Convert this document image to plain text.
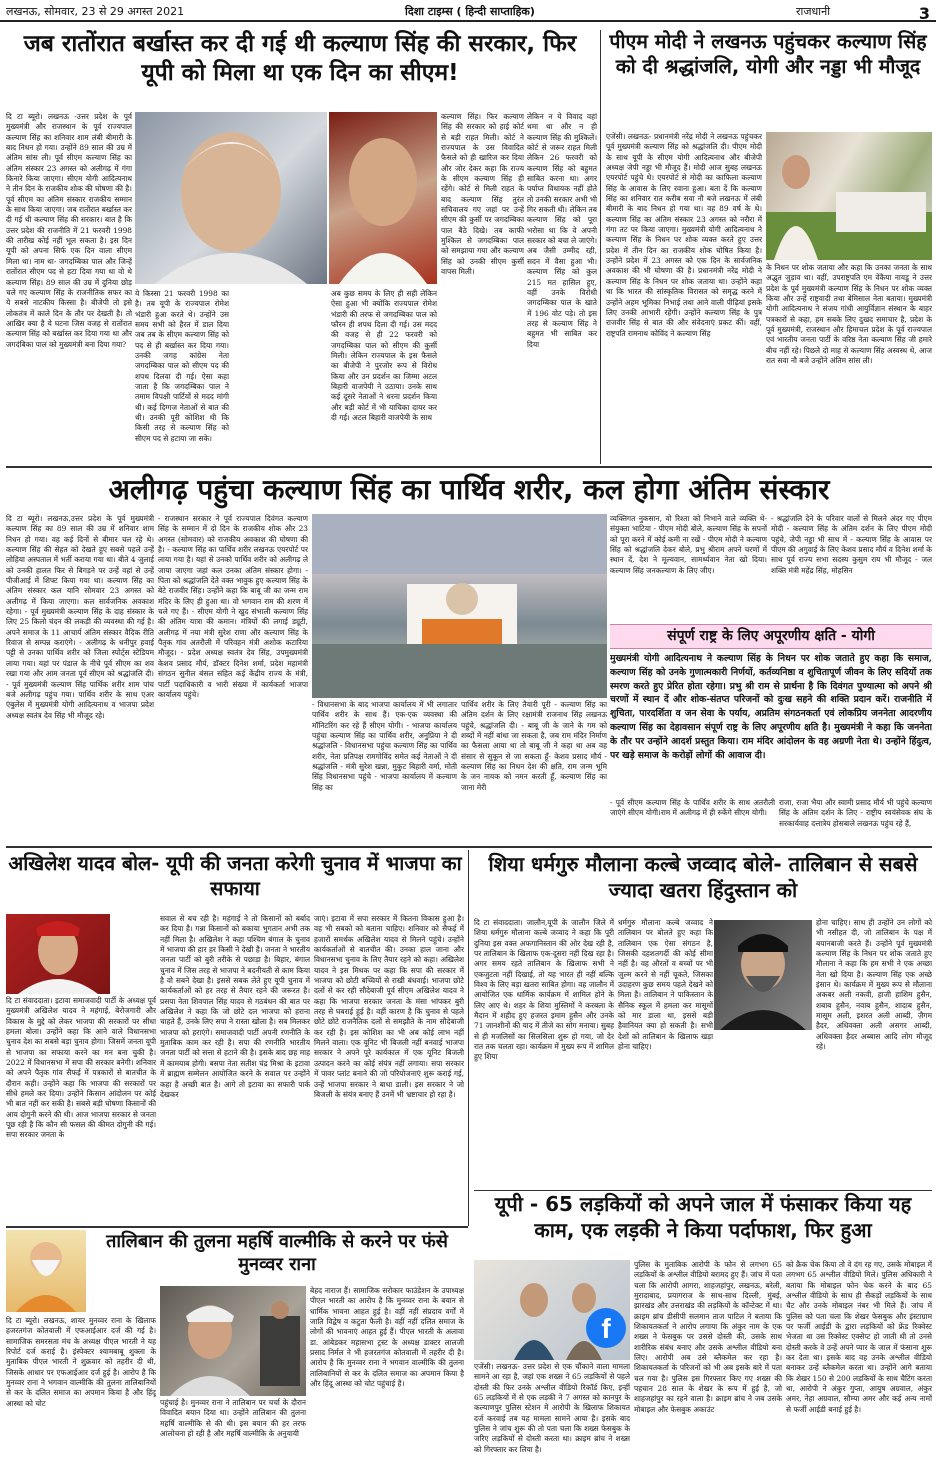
लखनऊ, सोमवार, 23 से 29 अगस्त 2021	दिशा टाइम्स ( हिन्दी साप्ताहिक)	राजधानी	3
जब रातोंरात बर्खास्त कर दी गई थी कल्याण सिंह की सरकार, फिर यूपी को मिला था एक दिन का सीएम!
दि टा ब्यूरो। लखनऊ -उत्तर प्रदेश के पूर्व मुख्यमंत्री और राजस्थान के पूर्व राज्यपाल कल्याण सिंह का शनिवार शाम लंबी बीमारी के बाद निधन हो गया। उन्होंने 89 साल की उम्र में अंतिम सांस ली। पूर्व सीएम कल्याण सिंह का अंतिम संस्कार 23 अगस्त को अलीगढ़ में गंगा किनारे किया जाएगा। सीएम योगी आदित्यनाथ ने तीन दिन के राजकीय शोक की घोषणा की है। पूर्व सीएम का अंतिम संस्कार राजकीय सम्मान के साथ किया जाएगा। जब रातोंरात बर्खास्त कर दी गई थी कल्याण सिंह की सरकार। बात है कि उत्तर प्रदेश की राजनीति में 21 फरवरी 1998 की तारीख कोई नहीं भूल सकता है। इस दिन यूपी को अपना सिर्फ एक दिन वाला सीएम मिला था। नाम था- जगदम्बिका पाल और जिन्हें रातोंरात सीएम पद से हटा दिया गया था वो थे कल्याण सिंह। 89 साल की उम्र में दुनिया छोड़ चले गए कल्याण सिंह के राजनीतिक सफर का ये सबसे नाटकीय किस्सा है। बीजेपी तो इसे लोकतंत्र में काले दिन के तौर पर देखती है। तो आखिर क्या है ये घटना जिस वजह से रातोंरात कल्याण सिंह को बर्खास्त कर दिया गया था और जगदंबिका पाल को मुख्यमंत्री बना दिया गया?
ये किस्सा 21 फरवरी 1998 का है। तब यूपी के राज्यपाल रोमेश भंडारी हुआ करते थे। उन्होंने उस समय सभी को हैरत में डाल दिया जब तब के सीएम कल्याण सिंह को पद से ही बर्खास्त कर दिया गया। उनकी जगह कांग्रेस नेता जगदम्बिका पाल को सीएम पद की शपथ दिलवा दी गई। ऐसा कहा जाता है कि जगदम्बिका पाल ने तमाम विपक्षी पार्टियों से मदद मांगी थी। कई दिग्गज नेताओं से बात की थी। उनकी पूरी कोशिश थी कि किसी तरह से कल्याण सिंह को सीएम पद से हटाया जा सके।
अब कुछ समय के लिए ही सही लेकिन ऐसा हुआ भी क्योंकि राज्यपाल रोमेश भंडारी की तरफ से जगदम्बिका पाल को फौरन ही शपथ दिला दी गई। उस मदद की वजह से ही 22 फरवरी को जगदम्बिका पाल को सीएम की कुर्सी मिली। लेकिन राज्यपाल के इस फैसले का बीजेपी ने पुरजोर रूप से विरोध किया और उन प्रदर्शन का जिम्मा अटल बिहारी वाजपेयी ने उठाया। उनके साथ कई दूसरे नेताओं ने धरना प्रदर्शन किया और बड़ी कोर्ट में भी याचिका दायर कर दी गई। अटल बिहारी वाजपेयी के साथ
कल्याण सिंह। फिर कल्याण सिंह की सरकार को हाई कोर्ट से बड़ी राहत मिली। कोर्ट ने राज्यपाल के उस विवादित फैसले को ही खारिज कर दिया और जोर देकर कहा कि राज्य के सीएम कल्याण सिंह ही रहेंगे। कोर्ट से मिली राहत के बाद कल्याण सिंह तुरंत सचिवालय गए जहां पर उन्हें सीएम की कुर्सी पर जगदम्बिका पाल बैठे दिखे। तब काफी मुश्किल से जगदम्बिका पाल को समझाया गया और कल्याण सिंह को उनकी सीएम कुर्सी वापस मिली।
लेकिन न ये विवाद वहां थमा था और न ही कल्याण सिंह की मुश्किलें। कोर्ट से जरूर राहत मिली लेकिन 26 फरवरी को कल्याण सिंह को बहुमत साबित करना था। अगर पर्याप्त विधायक नहीं होते तो उनकी सरकार अभी भी गिर सकती थी। लेकिन तब कल्याण सिंह को पूरा भरोसा था कि वे अपनी सरकार को बचा ले जाएंगे। अब जैसी उम्मीद रही, सदन में वैसा हुआ भी। कल्याण सिंह को कुल 215 मत हासिल हुए, वहीं उनके विरोधी जगदम्बिका पाल के खाते में 196 वोट पड़े। तो इस तरह से कल्याण सिंह ने बहुमत भी साबित कर दिया
पीएम मोदी ने लखनऊ पहुंचकर कल्याण सिंह को दी श्रद्धांजलि, योगी और नड्डा भी मौजूद
एजेंसी। लखनऊ- प्रधानमंत्री नरेंद्र मोदी ने लखनऊ पहुंचकर पूर्व मुख्यमंत्री कल्याण सिंह को श्रद्धांजलि दी। पीएम मोदी के साथ यूपी के सीएम योगी आदित्यनाथ और बीजेपी अध्यक्ष जेपी नड्डा भी मौजूद हैं। मोदी आज सुबह लखनऊ एयरपोर्ट पहुंचे थे। एयरपोर्ट से मोदी का काफिला कल्याण सिंह के आवास के लिए रवाना हुआ। बता दें कि कल्याण सिंह का शनिवार रात करीब सवा नौ बजे लखनऊ में लंबी बीमारी के बाद निधन हो गया था। वह 89 वर्ष के थे। कल्याण सिंह का अंतिम संस्कार 23 अगस्त को नरौरा में गंगा तट पर किया जाएगा। मुख्यमंत्री योगी आदित्यनाथ ने कल्याण सिंह के निधन पर शोक व्यक्त करते हुए उत्तर प्रदेश में तीन दिन का राजकीय शोक घोषित किया है। उन्होंने प्रदेश में 23 अगस्त को एक दिन के सार्वजनिक अवकाश की भी घोषणा की है। प्रधानमंत्री नरेंद्र मोदी ने कल्याण सिंह के निधन पर शोक जताया था। उन्होंने कहा था कि भारत की सांस्कृतिक विरासत को समृद्ध करने में उन्होंने अहम भूमिका निभाई तथा आने वाली पीढ़ियां इसके लिए उनकी आभारी रहेंगी। उन्होंने कल्याण सिंह के पुत्र राजवीर सिंह से बात की और संवेदनाएं प्रकट कीं। वहीं, राष्ट्रपति रामनाथ कोविंद ने कल्याण सिंह
के निधन पर शोक जताया और कहा कि उनका जनता के साथ अद्भुत जुड़ाव था। वहीं, उपराष्ट्रपति एम वेंकैया नायडू ने उत्तर प्रदेश के पूर्व मुख्यमंत्री कल्याण सिंह के निधन पर शोक व्यक्त किया और उन्हें राष्ट्रवादी तथा बेमिसाल नेता बताया। मुख्यमंत्री योगी आदित्यनाथ ने संजय गांधी आयुर्विज्ञान संस्थान के बाहर पत्रकारों से कहा, हम सबके लिए दुखद समाचार है, प्रदेश के पूर्व मुख्यमंत्री, राजस्थान और हिमाचल प्रदेश के पूर्व राज्यपाल एवं भारतीय जनता पार्टी के वरिष्ठ नेता कल्याण सिंह जी हमारे बीच नहीं रहे। पिछले दो माह से कल्याण सिंह अस्वस्थ थे, आज रात सवा नौ बजे उन्होंने अंतिम सांस ली।
अलीगढ़ पहुंचा कल्याण सिंह का पार्थिव शरीर, कल होगा अंतिम संस्कार
दि टा ब्यूरो। लखनऊ,उत्तर प्रदेश के पूर्व मुख्यमंत्री कल्याण सिंह का 89 साल की उम्र में शनिवार शाम निधन हो गया। वह कई दिनों से बीमार चल रहे थे। कल्याण सिंह की सेहत को देखते हुए सबसे पहले उन्हें लोहिया अस्पताल में भर्ती कराया गया था। बीते 4 जुलाई को उनकी हालत फिर से बिगड़ने पर उन्हें वहां से उन्हें पीजीआई में शिफ्ट किया गया था। कल्याण सिंह का अंतिम संस्कार कल यानि सोमवार 23 अगस्त को अलीगढ़ में किया जाएगा। कल सार्वजनिक अवकाश रहेगा। - पूर्व मुख्यमंत्री कल्याण सिंह के दाह संस्कार के लिए 25 किलो चंदन की लकड़ी की व्यवस्था की गई है। अपने समाज के 11 आचार्य अंतिम संस्कार वैदिक रीति रिवाज से सम्पन्न कराएंगे। - अलीगढ़ के धनीपुर हवाई पट्टी से उनका पार्थिव शरीर को जिला स्पोर्ट्स स्टेडियम लाया गया। यहां पर पंडाल के नीचे पूर्व सीएम का शव रखा गया और आम जनता पूर्व सीएम को श्रद्धांजलि दी। - पूर्व मुख्यमंत्री कल्याण सिंह पार्थिक शरीर शाम पांच बजे अलीगढ़ पहुंच गया। पार्थिव शरीर के साथ एअर एंबुलेंस में मुख्यमंत्री योगी आदित्यनाथ व भाजपा प्रदेश अध्यक्ष स्वतंत्र देव सिंह भी मौजूद रहे।
- राजस्थान सरकार ने पूर्व राज्यपाल दिवंगत कल्याण सिंह के सम्मान में दो दिन के राजकीय शोक और 23 अगस्त (सोमवार) को राजकीय अवकाश की घोषणा की है। - कल्याण सिंह का पार्थिव शरीर लखनऊ एयरपोर्ट पर लाया गया है। यहां से उनको पार्थिव शरीर को अलीगढ़ ले जाया जाएगा जहां कल उनका अंतिम संस्कार होगा। - पिता को श्रद्धांजलि देते वक्त भावुक हुए कल्याण सिंह के बेटे राजवीर सिंह। उन्होंने कहा कि बाबू जी का जन्म राम मंदिर के लिए ही हुआ था। वो भगवान राम की शरण में चले गए हैं। - सीएम योगी ने खुद संभाली कल्याण सिंह की अंतिम यात्रा की कमान। मंत्रियों की लगाई ड्यूटी, अलीगढ़ में नया मंत्री सुरेश राणा और कल्याण सिंह के पैतृक गांव अतरौली में परिवहन मंत्री अशोक कटारिया मौजूद। - प्रदेश अध्यक्ष स्वतंत्र देव सिंह, उपमुख्यमंत्री केशव प्रसाद मौर्य, डॉक्टर दिनेश शर्मा, प्रदेश महामंत्री संगठन सुनील बंसल सहित कई केंद्रीय राज्य के मंत्री, पार्टी पदाधिकारी व भारी संख्या में कार्यकर्ता भाजपा कार्यालय पहुंचे।
- विधानसभा के बाद भाजपा कार्यालय में भी लगातार पार्थिव शरीर के साथ हैं। एक-एक व्यवस्था की मॉनिटरिंग कर रहे हैं सीएम योगी। - भाजपा कार्यालय पहुंचा कल्याण सिंह का पार्थिव शरीर, अनुप्रिया ने दी श्रद्धांजलि - विधानसभा पहुंचा कल्याण सिंह का पार्थिव शरीर, नेता प्रतिपक्ष रामगोविंद समेत कई नेताओं ने दी श्रद्धांजलि - मंत्री सुरेश खन्ना, मुकुट बिहारी वर्मा, मोती सिंह विधानसभा पहुंचे - भाजपा कार्यालय में कल्याण सिंह का
पार्थिव शरीर के लिए तैयारी पूरी - कल्याण सिंह का अंतिम दर्शन के लिए रक्षामंत्री राजनाथ सिंह लखनऊ पहुंचे, श्रद्धांजलि दी। - बाबू जी के जाने के गम को शब्दों में नहीं बांधा जा सकता है, जब राम मंदिर निर्माण का फैसला आया था तो बाबू जी ने कहा था अब वह संसार से सुकून से जा सकता हूँ- केशव प्रसाद मौर्य - कल्याण सिंह का निधन देश की क्षति, राम जन्म भूमि के जन नायक को नमन करती हूँ, कल्याण सिंह का जाना मेरी
व्यक्तिगत नुकसान, वो रिश्ता को निभाने वाले व्यक्ति थे- संयुक्ता भाटिया - पीएम मोदी बोले, कल्याण सिंह के सपनों को पूरा करने में कोई कमी ना रखें - पीएम मोदी ने कल्याण सिंह को श्रद्धांजलि देकर बोले, प्रभु श्रीराम अपने चरणों में स्थान दें, देश ने मूल्यवान, सामर्थ्यवान नेता खो दिया। कल्याण सिंह जनकल्याण के लिए जीए।
- श्रद्धांजलि देने के परिवार वालों से मिलने अंदर गए पीएम मोदी - कल्याण सिंह के अंतिम दर्शन के लिए पीएम मोदी पहुंचे, जेपी नड्डा भी साथ में - कल्याण सिंह के आवास पर पीएम की अगुवाई के लिए केशव प्रसाद मौर्य व दिनेश शर्मा के साथ पूर्व राज्य सभा सदस्य कुसुम राय भी मौजूद - जल शक्ति मंत्री महेंद्र सिंह, मोहसिन
संपूर्ण राष्ट्र के लिए अपूरणीय क्षति - योगी
मुख्यमंत्री योगी आदित्यनाथ ने कल्याण सिंह के निधन पर शोक जताते हुए कहा कि समाज, कल्याण सिंह को उनके गुणात्मकारी निर्णयों, कर्तव्यनिष्ठा व शुचितापूर्ण जीवन के लिए सदियों तक स्मरण करते हुए प्रेरित होता रहेगा। प्रभु श्री राम से प्रार्थना है कि दिवंगत पुण्यात्मा को अपने श्री चरणों में स्थान दें और शोक-संतप्त परिजनों को दुःख सहने की शक्ति प्रदान करें। राजनीति में शुचिता, पारदर्शिता व जन सेवा के पर्याय, अप्रतिम संगठनकर्ता एवं लोकप्रिय जननेता आदरणीय कल्याण सिंह का देहावसान संपूर्ण राष्ट्र के लिए अपूरणीय क्षति है। मुख्यमंत्री ने कहा कि जननेता के तौर पर उन्होंने आदर्श प्रस्तुत किया। राम मंदिर आंदोलन के वह अग्रणी नेता थे। उन्होंने हिंदुत्व, पर खड़े समाज के करोड़ों लोगों की आवाज दी।
- पूर्व सीएम कल्याण सिंह के पार्थिव शरीर के साथ अतरौली जाएंगे सीएम योगी।राम में अलीगढ़ में ही रुकेंगे सीएम योगी।
राजा, राजा भैया और स्वामी प्रसाद मौर्य भी पहुंचे कल्याण सिंह के अंतिम दर्शन के लिए - राष्ट्रीय स्वयंसेवक संघ के सरकार्यवाह दत्तात्रेय होसबाले लखनऊ पहुंच रहे हैं,
अखिलेश यादव बोल- यूपी की जनता करेगी चुनाव में भाजपा का सफाया
दि टा संवाददाता। इटावा समाजवादी पार्टी के अध्यक्ष पूर्व मुख्यमंत्री अखिलेश यादव ने महंगाई, बेरोजगारी और विकास के मुद्दे को लेकर भाजपा की सरकारों पर सीधा हमला बोला। उन्होंने कहा कि आने वाले विधानसभा चुनाव देश का सबसे बड़ा चुनाव होगा। जिसमें जनता यूपी से भाजपा का सफाया करने का मन बना चुकी है। 2022 में विधानसभा में सपा की सरकार बनेगी। शनिवार को अपने पैतृक गांव सैफई में पत्रकारों से बातचीत के दौरान कही। उन्होंने कहा कि भाजपा की सरकारों पर सीधे हमले कर दिया। उन्होंने किसान आंदोलन पर कोई भी बात नहीं कर सकी है। सबसे बड़ी घोषणा किसानों की आय दोगुनी करने की थी। आज भाजपा सरकार से जनता पूछ रही है कि कौन सी फसल की कीमत दोगुनी की गई। सपा सरकार जनता के
सवाल से बच रही है। महंगाई ने तो किसानों को बर्बाद कर दिया है। गन्ना किसानों को बकाया भुगतान अभी तक नहीं मिला है। अखिलेश ने कहा पश्चिम बंगाल के चुनाव में भाजपा की हार हर किसी ने देखी है। जनता ने भारतीय जनता पार्टी को बुरी तरीके से पछाड़ा है। बिहार, बंगाल चुनाव में जिस तरह से भाजपा ने बदनीयती से काम किया है वो सबने देखा है। इससे सबक लेते हुए यूपी चुनाव में कार्यकर्ताओं को हर तरह से तैयार रहने की जरूरत है। प्रसपा नेता शिवपाल सिंह यादव से गठबंधन की बात पर अखिलेश ने कहा कि जो छोटे दल भाजपा को हराना चाहते हैं, उनके लिए सपा ने रास्ता खोला है। सब मिलकर भाजपा को हराएंगे। समाजवादी पार्टी अपनी रणनीति के मुताबिक काम कर रही है। सपा की रणनीति भारतीय जनता पार्टी को सत्ता से हटाने की है। इसके बाद छह माह में कामयाब होगी। बसपा नेता सतीश चंद्र मिश्रा के इटावा में ब्राह्मण सम्मेलन आयोजित करने के सवाल पर उन्होंने कहा है अच्छी बात है। आगे तो इटावा का सफारी पार्क देखकर
जाएं। इटावा में सपा सरकार में कितना विकास हुआ है। वह भी सबको को बताना चाहिए। शनिवार को सैफई में हजारों समर्थक अखिलेश यादव से मिलने पहुंचे। उन्होंने कार्यकर्ताओं से बातचीत की। उनका हाल जाना और विधानसभा चुनाव के लिए तैयार रहने को कहा। अखिलेश यादव ने इस मिथक पर कहा कि सपा की सरकार में भाजपा को छोटी बच्चियों से राखी बंधवाई। भाजपा छोटे दलों से कर रही सौदेबाजी पूर्व सीएम अखिलेश यादव ने कहा कि भाजपा सरकार जनता के मंसा भांपकर बुरी तरह से घबराई हुई है। वहीं कारण है कि चुनाव से पहले छोटे छोटे राजनैतिक दलों से समझौते के नाम सौदेबाजी कर रही है। इस कोशिश का भी अब कोई लाभ नहीं मिलने वाला। एक यूनिट भी बिजली नहीं बनवाई भाजपा सरकार ने अपने पूरे कार्यकाल में एक यूनिट बिजली उत्पादन करने का कोई संयंत्र नहीं लगाया। सपा सरकार में पावर प्लांट बनाने की जो परियोजनाएं शुरू कराई गई, उन्हें भाजपा सरकार ने बाधा डाली। इस सरकार ने जो बिजली के संयंत्र बनाए हैं उनमें भी भ्रष्टाचार हो रहा है।
शिया धर्मगुरु मौलाना कल्बे जव्वाद बोले- तालिबान से सबसे ज्यादा खतरा हिंदुस्तान को
दि टा संवाददाता। जालौन,यूपी के जालौन जिले में शिया धर्मगुरु मौलाना कल्बे जव्वाद ने कहा कि पूरी दुनिया इस वक्त अफगानिस्तान की ओर देख रही है, पर तालिबान के खिलाफ एक-दूसरा नहीं दिख रहा है। अगर समय रहते तालिबान के खिलाफ सभी ने एकजुटता नहीं दिखाई, तो यह भारत ही नहीं बल्कि विश्व के लिए बड़ा खतरा साबित होगा। वह जालौन में आयोजित एक धार्मिक कार्यक्रम में शामिल होने के लिए आए थे। शहर के शिया मुस्लिमों ने करबला के मैदान में शहीद हुए हजरत इमाम हुसैन और उनके 71 जानशीनों की याद में तीजे का सोग मनाया। सुबह से ही मजलिसों का सिलसिला शुरू हो गया, जो देर रात तक चलता रहा। कार्यक्रम में मुख्य रूप में शामिल हुए शिया
धर्मगुरु मौलाना कल्बे जव्वाद ने तालिबान पर बोलते हुए कहा कि तालिबान एक ऐसा संगठन है, जिसकी दहशतगर्दी की कोई सीमा नहीं है। वह औरतों व बच्चों पर भी जुल्म करने से नहीं चूकते, जिसका उदाहरण कुछ समय पहले देखने को मिला है। तालिबान ने पाकिस्तान के सैनिक स्कूल में हमला कर मासूमों को मार डाला था, इससे बड़ी हैवानियत क्या हो सकती है। सभी देशों को तालिबान के खिलाफ खड़ा होना चाहिए।
होना चाहिए। साथ ही उन्होंने उन लोगों को भी नसीहत दी, जो तालिबान के पक्ष में बयानबाजी करते हैं। उन्होंने पूर्व मुख्यमंत्री कल्याण सिंह के निधन पर शोक जताते हुए मौलाना ने कहा कि हम सभी ने एक अच्छा नेता खो दिया है। कल्याण सिंह एक अच्छे इंसान थे। कार्यक्रम में मुख्य रूप से मौलाना अकबर अली नकवी, हाजी हाशिम हुसैन, शबाब हुसैन, नवाब हुसैन, शादाब हुसैन, मासूम अली, इशरत अली आब्दी, ज़ैगम हैदर, अधिवक्ता अली असगर आब्दी, अधिवक्ता हैदर अब्बास आदि लोग मौजूद रहे।
यूपी - 65 लड़कियों को अपने जाल में फंसाकर किया यह काम, एक लड़की ने किया पर्दाफाश, फिर हुआ
f
एजेंसी। लखनऊ- उत्तर प्रदेश से एक चौंकाने वाला मामला सामने आ रहा है, जहां एक शख्स ने 65 लड़कियों से पहले दोस्ती की फिर उनके अश्लील वीडियो रिकॉर्ड किए, इन्हीं 65 लड़कियों में से एक लड़की ने 7 अगस्त को कानपुर के कल्याणपुर पुलिस स्टेशन में आरोपी के खिलाफ शिकायत दर्ज करवाई तब यह मामला सामने आया है। इसके बाद पुलिस ने जांच शुरू की तो पता चला कि शख्स फेसबुक के जरिए लड़कियों से दोस्ती करता था। क्राइम ब्रांच ने शख्स को गिरफ्तार कर लिया है।
पुलिस के मुताबिक आरोपी के फोन से लगभग 65 लड़कियों के अश्लील वीडियो बरामद हुए हैं। जांच में पता चला कि आरोपी आगरा, शाहजहांपुर, लखनऊ, बरेली, मुरादाबाद, प्रयागराज के साथ-साथ दिल्ली, मुंबई, झारखंड और उत्तराखंड की लड़कियों के कॉन्टेक्ट में था। क्राइम ब्रांच डीसीपी सलमान ताज पाटिल ने बताया कि शिकायतकर्ता ने आरोप लगाया कि अंकुर नाम के एक शख्स ने फेसबुक पर उससे दोस्ती की, उसके साथ शारीरिक संबंध बनाए और उसके अश्लील वीडियो बना लिए। आरोपी अब उसे ब्लैकमेल कर रहा है। शिकायतकर्ता के परिजनों को भी अब इसके बारे में पता चल गया है। पुलिस इस गिरफ्तार किए गए शख्स की पहचान 28 साल के शेखर के रूप में हुई है, जो शाहजहांपुर का रहने वाला है। क्राइम ब्रांच ने जब उसके मोबाइल और फेसबुक अकाउंट
को क्रैक चेक किया तो वे दंग रह गए, उसके मोबाइल में लगभग 65 अश्लील वीडियो मिले। पुलिस अधिकारी ने बताया कि मोबाइल फोन चेक करने के बाद 65 अश्लील वीडियो के साथ ही सैकड़ों लड़कियों के साथ चैट और उनके मोबाइल नंबर भी मिले हैं। जांच में पुलिस को पता चला कि शेखर फेसबुक और इंस्टाग्राम पर फर्जी आईडी के द्वारा लड़कियों को फ्रेंड रिक्वेस्ट भेजता था उस रिक्वेस्ट एक्सेप्ट हो जाती थी तो उनसे दोस्ती करके वे उन्हें अपने प्यार के जाल में फंसाना शुरू कर देता था। इसके बाद वह उनके अश्लील वीडियो बनाकर उन्हें ब्लैकमेल करता था। उन्होंने आगे बताया कि शेखर 150 से 200 लड़कियों के साथ चैटिंग करता था, आरोपी ने अंकुर गुप्ता, आयुष अग्रवाल, अंकुर अमर, नेहा अग्रवाल, सौम्या अमर और कई अन्य नामों से फर्जी आईडी बनाई हुई है।
तालिबान की तुलना महर्षि वाल्मीकि से करने पर फंसे मुनव्वर राना
दि टा ब्यूरो। लखनऊ, शायर मुनव्वर राना के खिलाफ हजरतगंज कोतवाली में एफआईआर दर्ज की गई है। सामाजिक समरसता मंच के अध्यक्ष पीएल भारती ने यह रिपोर्ट दर्ज कराई है। इंस्पेक्टर श्यामबाबू शुक्ला के मुताबिक पीएल भारती ने शुक्रवार को तहरीर दी थी, जिसके आधार पर एफआईआर दर्ज हुई है। आरोप है कि मुनव्वर राना ने भगवान वाल्मीकि की तुलना तालिबानियों से कर के दलित समाज का अपमान किया है और हिंदू आस्था को चोट	पहुंचाई है। मुनव्वर राना ने तालिबान पर चर्चा के दौरान विवादित बयान दिया था। उन्होंने तालिबान की तुलना महर्षि वाल्मीकि से की थी। इस बयान की हर तरफ आलोचना हो रही है और महर्षि वाल्मीकि के अनुयायी
बेहद नाराज हैं। सामाजिक सरोकार फाउंडेशन के उपाध्यक्ष पीएल भारती का आरोप है कि मुनव्वर राना के बयान से धार्मिक भावना आहत हुई है। वहीं नहीं संप्रदाय वर्गों में जाति विद्वेष व कटुता फैली है। वहीं नहीं दलित समाज के लोगों की भावनाएं आहत हुई हैं। पीएल भारती के अलावा डा. आंबेडकर महासभा ट्रस्ट के अध्यक्ष डाक्टर लालजी प्रसाद निर्मल ने भी हजरतगंज कोतवाली में तहरीर दी है। आरोप है कि मुनव्वर राना ने भगवान वाल्मीकि की तुलना तालिबानियों से कर के दलित समाज का अपमान किया है और हिंदू आस्था को चोट पहुंचाई है।
